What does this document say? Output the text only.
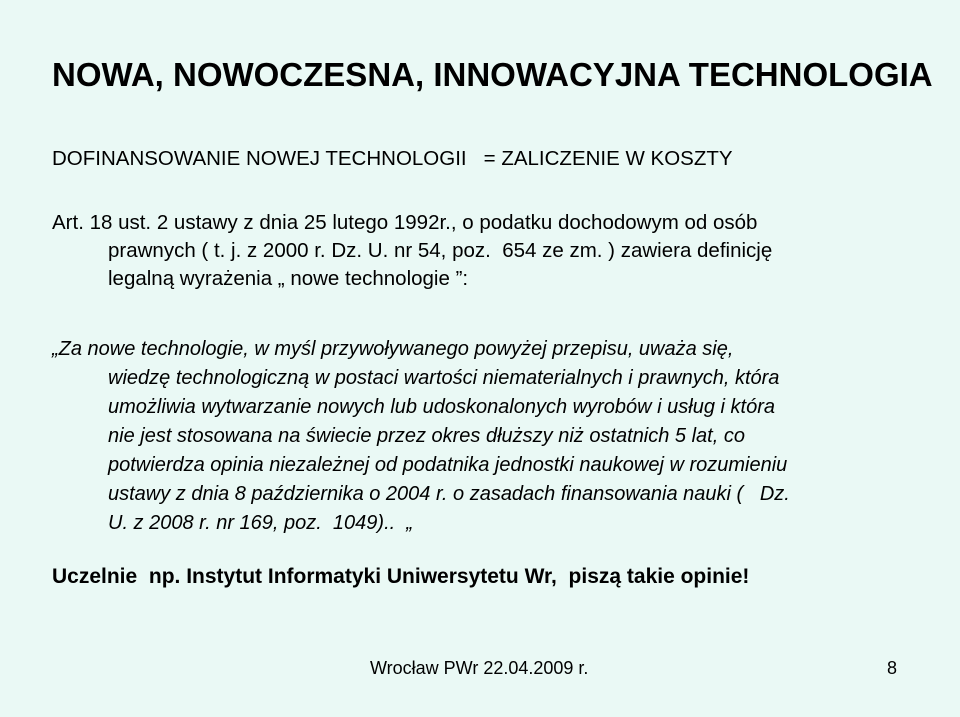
NOWA, NOWOCZESNA, INNOWACYJNA TECHNOLOGIA

DOFINANSOWANIE NOWEJ TECHNOLOGII   = ZALICZENIE W KOSZTY

Art. 18 ust. 2 ustawy z dnia 25 lutego 1992r., o podatku dochodowym od osób
prawnych ( t. j. z 2000 r. Dz. U. nr 54, poz.  654 ze zm. ) zawiera definicję
legalną wyrażenia „ nowe technologie ”:

„Za nowe technologie, w myśl przywoływanego powyżej przepisu, uważa się,
wiedzę technologiczną w postaci wartości niematerialnych i prawnych, która
umożliwia wytwarzanie nowych lub udoskonalonych wyrobów i usług i która
nie jest stosowana na świecie przez okres dłuższy niż ostatnich 5 lat, co
potwierdza opinia niezależnej od podatnika jednostki naukowej w rozumieniu
ustawy z dnia 8 października o 2004 r. o zasadach finansowania nauki (   Dz.
U. z 2008 r. nr 169, poz.  1049)..  „

Uczelnie  np. Instytut Informatyki Uniwersytetu Wr,  piszą takie opinie!

Wrocław PWr 22.04.2009 r.	8
